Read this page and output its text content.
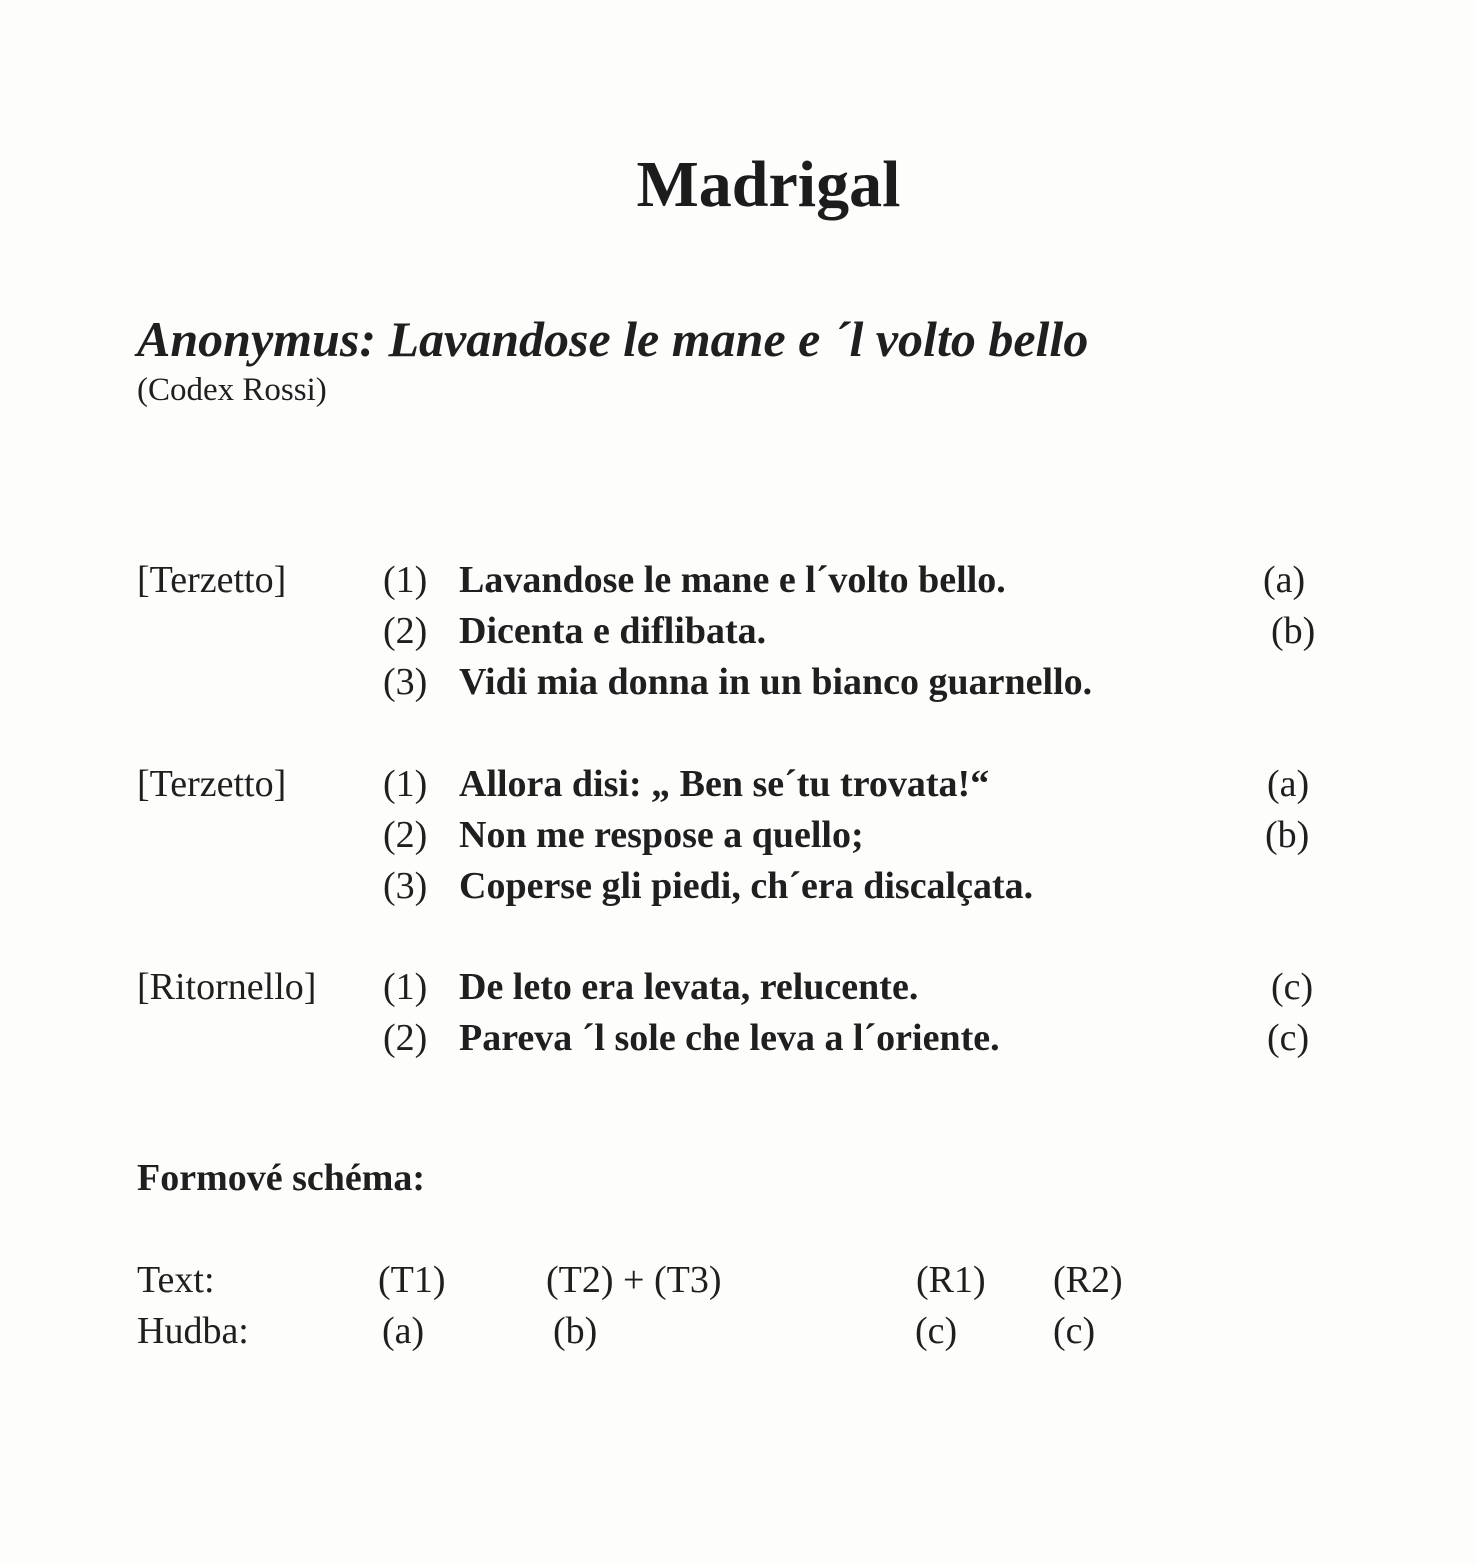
Madrigal
Anonymus: Lavandose le mane e ´l volto bello
(Codex Rossi)
[Terzetto]	(1) Lavandose le mane e l´volto bello.	(a)
(2) Dicenta e diflibata.	(b)
(3) Vidi mia donna in un bianco guarnello.
[Terzetto]	(1) Allora disi: „ Ben se´tu trovata!“	(a)
(2) Non me respose a quello;	(b)
(3) Coperse gli piedi, ch´era discalçata.
[Ritornello] (1) De leto era levata, relucente.	(c)
(2) Pareva ´l sole che leva a l´oriente.	(c)
Formové schéma:
Text:	(T1)	(T2) + (T3)	(R1) (R2)
Hudba:	(a)	(b)	(c)	(c)
